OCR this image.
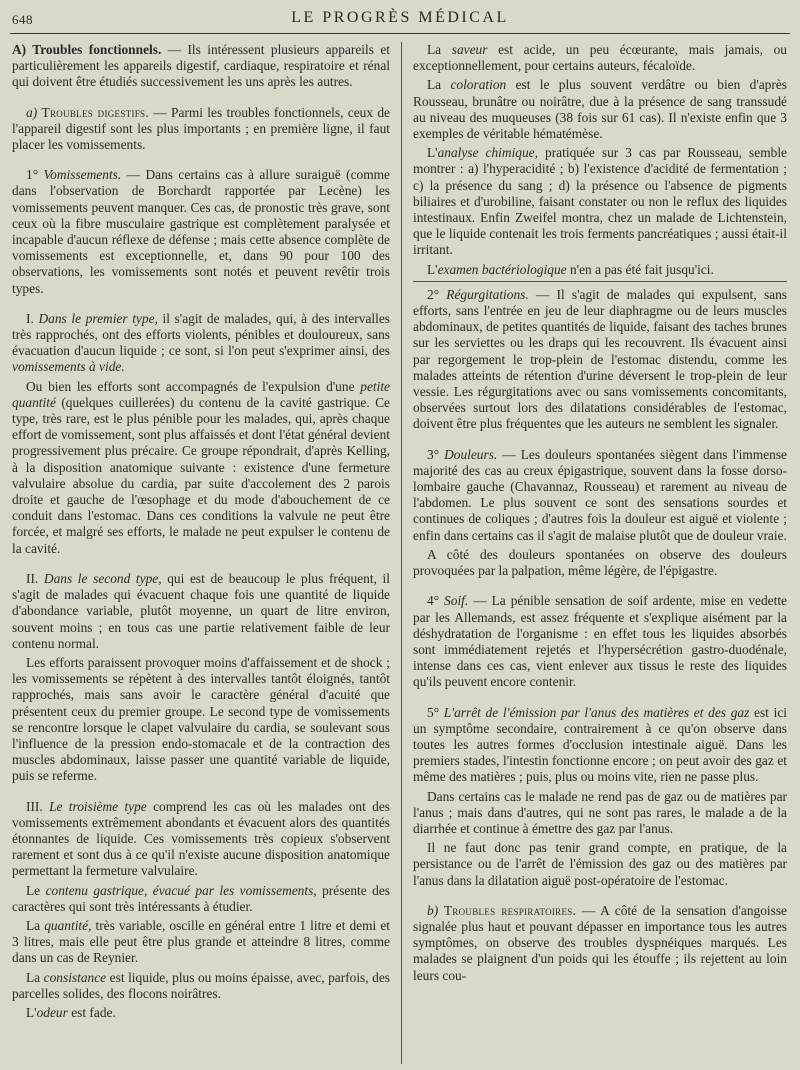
648	LE PROGRÈS MÉDICAL

A) Troubles fonctionnels. — Ils intéressent plusieurs appareils et particulièrement les appareils digestif, cardiaque, respiratoire et rénal qui doivent être étudiés successivement les uns après les autres.

a) Troubles digestifs. — Parmi les troubles fonctionnels, ceux de l'appareil digestif sont les plus importants ; en première ligne, il faut placer les vomissements.

1° Vomissements. — Dans certains cas à allure suraiguë (comme dans l'observation de Borchardt rapportée par Lecène) les vomissements peuvent manquer. Ces cas, de pronostic très grave, sont ceux où la fibre musculaire gastrique est complètement paralysée et incapable d'aucun réflexe de défense ; mais cette absence complète de vomissements est exceptionnelle, et, dans 90 pour 100 des observations, les vomissements sont notés et peuvent revêtir trois types.

I. Dans le premier type, il s'agit de malades, qui, à des intervalles très rapprochés, ont des efforts violents, pénibles et douloureux, sans évacuation d'aucun liquide ; ce sont, si l'on peut s'exprimer ainsi, des vomissements à vide.

Ou bien les efforts sont accompagnés de l'expulsion d'une petite quantité (quelques cuillerées) du contenu de la cavité gastrique. Ce type, très rare, est le plus pénible pour les malades, qui, après chaque effort de vomissement, sont plus affaissés et dont l'état général devient progressivement plus précaire. Ce groupe répondrait, d'après Kelling, à la disposition anatomique suivante : existence d'une fermeture valvulaire absolue du cardia, par suite d'accolement des 2 parois droite et gauche de l'œsophage et du mode d'abouchement de ce conduit dans l'estomac. Dans ces conditions la valvule ne peut être forcée, et malgré ses efforts, le malade ne peut expulser le contenu de la cavité.

II. Dans le second type, qui est de beaucoup le plus fréquent, il s'agit de malades qui évacuent chaque fois une quantité de liquide d'abondance variable, plutôt moyenne, un quart de litre environ, souvent moins ; en tous cas une partie relativement faible de leur contenu normal.

Les efforts paraissent provoquer moins d'affaissement et de shock ; les vomissements se répètent à des intervalles tantôt éloignés, tantôt rapprochés, mais sans avoir le caractère général d'acuité que présentent ceux du premier groupe. Le second type de vomissements se rencontre lorsque le clapet valvulaire du cardia, se soulevant sous l'influence de la pression endo-stomacale et de la contraction des muscles abdominaux, laisse passer une quantité variable de liquide, puis se referme.

III. Le troisième type comprend les cas où les malades ont des vomissements extrêmement abondants et évacuent alors des quantités étonnantes de liquide. Ces vomissements très copieux s'observent rarement et sont dus à ce qu'il n'existe aucune disposition anatomique permettant la fermeture valvulaire.

Le contenu gastrique, évacué par les vomissements, présente des caractères qui sont très intéressants à étudier.

La quantité, très variable, oscille en général entre 1 litre et demi et 3 litres, mais elle peut être plus grande et atteindre 8 litres, comme dans un cas de Reynier.

La consistance est liquide, plus ou moins épaisse, avec, parfois, des parcelles solides, des flocons noirâtres.

L'odeur est fade.

La saveur est acide, un peu écœurante, mais jamais, ou exceptionnellement, pour certains auteurs, fécaloïde.

La coloration est le plus souvent verdâtre ou bien d'après Rousseau, brunâtre ou noirâtre, due à la présence de sang transsudé au niveau des muqueuses (38 fois sur 61 cas). Il n'existe enfin que 3 exemples de véritable hématémèse.

L'analyse chimique, pratiquée sur 3 cas par Rousseau, semble montrer : a) l'hyperacidité ; b) l'existence d'acidité de fermentation ; c) la présence du sang ; d) la présence ou l'absence de pigments biliaires et d'urobiline, faisant constater ou non le reflux des liquides intestinaux. Enfin Zweifel montra, chez un malade de Lichtenstein, que le liquide contenait les trois ferments pancréatiques ; aussi était-il irritant.

L'examen bactériologique n'en a pas été fait jusqu'ici.

2° Régurgitations. — Il s'agit de malades qui expulsent, sans efforts, sans l'entrée en jeu de leur diaphragme ou de leurs muscles abdominaux, de petites quantités de liquide, faisant des taches brunes sur les serviettes ou les draps qui les recouvrent. Ils évacuent ainsi par regorgement le trop-plein de l'estomac distendu, comme les malades atteints de rétention d'urine déversent le trop-plein de leur vessie. Les régurgitations avec ou sans vomissements concomitants, observées surtout lors des dilatations considérables de l'estomac, doivent être plus fréquentes que les auteurs ne semblent les signaler.

3° Douleurs. — Les douleurs spontanées siègent dans l'immense majorité des cas au creux épigastrique, souvent dans la fosse dorso-lombaire gauche (Chavannaz, Rousseau) et rarement au niveau de l'abdomen. Le plus souvent ce sont des sensations sourdes et continues de coliques ; d'autres fois la douleur est aiguë et violente ; enfin dans certains cas il s'agit de malaise plutôt que de douleur vraie.

A côté des douleurs spontanées on observe des douleurs provoquées par la palpation, même légère, de l'épigastre.

4° Soif. — La pénible sensation de soif ardente, mise en vedette par les Allemands, est assez fréquente et s'explique aisément par la déshydratation de l'organisme : en effet tous les liquides absorbés sont immédiatement rejetés et l'hypersécrétion gastro-duodénale, intense dans ces cas, vient enlever aux tissus le reste des liquides qu'ils peuvent encore contenir.

5° L'arrêt de l'émission par l'anus des matières et des gaz est ici un symptôme secondaire, contrairement à ce qu'on observe dans toutes les autres formes d'occlusion intestinale aiguë. Dans les premiers stades, l'intestin fonctionne encore ; on peut avoir des gaz et même des matières ; puis, plus ou moins vite, rien ne passe plus.

Dans certains cas le malade ne rend pas de gaz ou de matières par l'anus ; mais dans d'autres, qui ne sont pas rares, le malade a de la diarrhée et continue à émettre des gaz par l'anus.

Il ne faut donc pas tenir grand compte, en pratique, de la persistance ou de l'arrêt de l'émission des gaz ou des matières par l'anus dans la dilatation aiguë post-opératoire de l'estomac.

b) Troubles respiratoires. — A côté de la sensation d'angoisse signalée plus haut et pouvant dépasser en importance tous les autres symptômes, on observe des troubles dyspnéiques marqués. Les malades se plaignent d'un poids qui les étouffe ; ils rejettent au loin leurs cou-
